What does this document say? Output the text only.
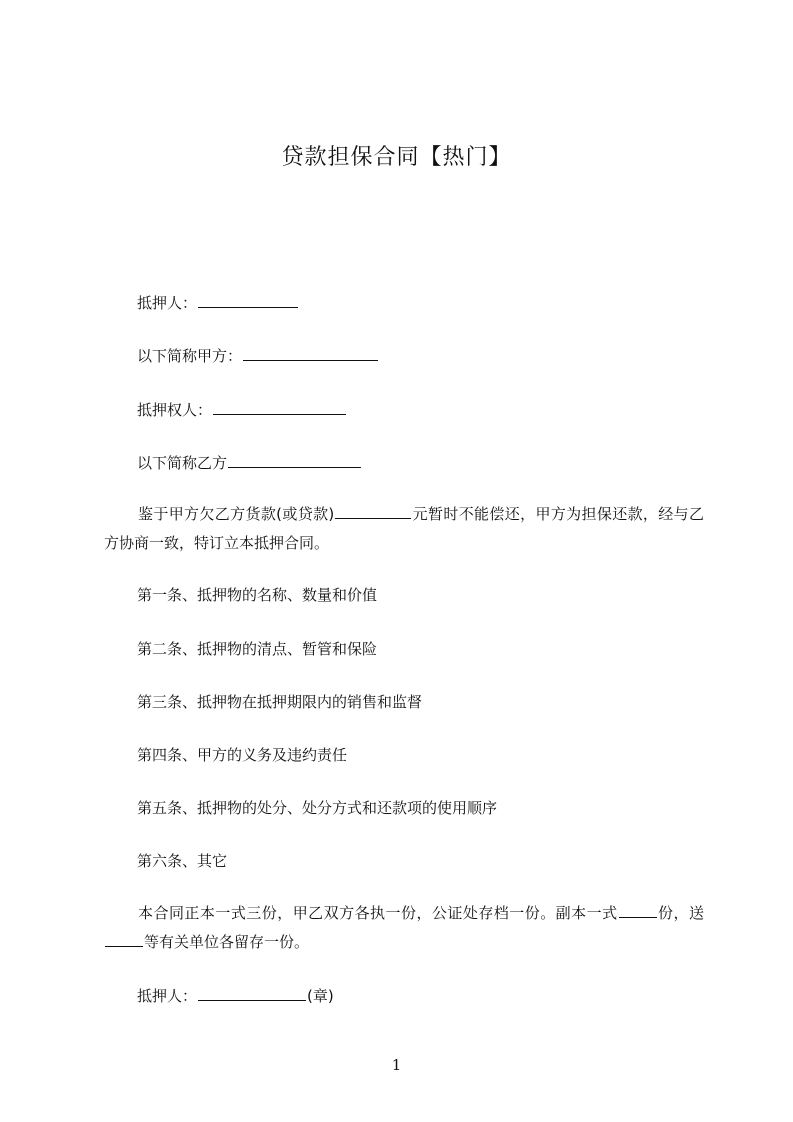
贷款担保合同【热门】
抵押人：
以下简称甲方：
抵押权人：
以下简称乙方
鉴于甲方欠乙方货款(或贷款)	元暂时不能偿还，甲方为担保还款，经与乙方协商一致，特订立本抵押合同。
第一条、抵押物的名称、数量和价值
第二条、抵押物的清点、暂管和保险
第三条、抵押物在抵押期限内的销售和监督
第四条、甲方的义务及违约责任
第五条、抵押物的处分、处分方式和还款项的使用顺序
第六条、其它
本合同正本一式三份，甲乙双方各执一份，公证处存档一份。副本一式	份，送等有关单位各留存一份。
抵押人：	(章)
1
